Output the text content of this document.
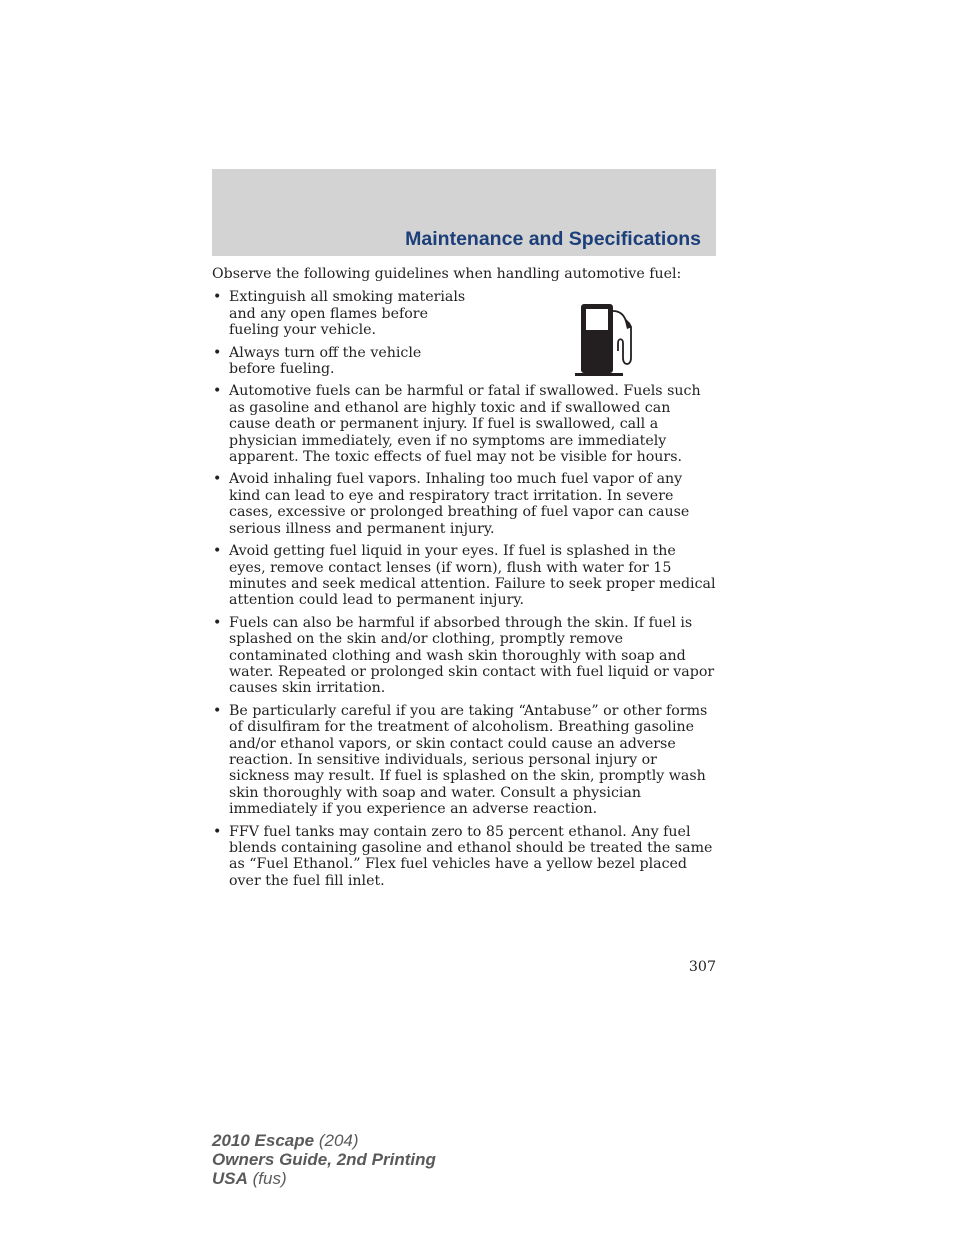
Maintenance and Specifications

Observe the following guidelines when handling automotive fuel:

• Extinguish all smoking materials and any open flames before fueling your vehicle.
• Always turn off the vehicle before fueling.
• Automotive fuels can be harmful or fatal if swallowed. Fuels such as gasoline and ethanol are highly toxic and if swallowed can cause death or permanent injury. If fuel is swallowed, call a physician immediately, even if no symptoms are immediately apparent. The toxic effects of fuel may not be visible for hours.
• Avoid inhaling fuel vapors. Inhaling too much fuel vapor of any kind can lead to eye and respiratory tract irritation. In severe cases, excessive or prolonged breathing of fuel vapor can cause serious illness and permanent injury.
• Avoid getting fuel liquid in your eyes. If fuel is splashed in the eyes, remove contact lenses (if worn), flush with water for 15 minutes and seek medical attention. Failure to seek proper medical attention could lead to permanent injury.
• Fuels can also be harmful if absorbed through the skin. If fuel is splashed on the skin and/or clothing, promptly remove contaminated clothing and wash skin thoroughly with soap and water. Repeated or prolonged skin contact with fuel liquid or vapor causes skin irritation.
• Be particularly careful if you are taking “Antabuse” or other forms of disulfiram for the treatment of alcoholism. Breathing gasoline and/or ethanol vapors, or skin contact could cause an adverse reaction. In sensitive individuals, serious personal injury or sickness may result. If fuel is splashed on the skin, promptly wash skin thoroughly with soap and water. Consult a physician immediately if you experience an adverse reaction.
• FFV fuel tanks may contain zero to 85 percent ethanol. Any fuel blends containing gasoline and ethanol should be treated the same as “Fuel Ethanol.” Flex fuel vehicles have a yellow bezel placed over the fuel fill inlet.
307
2010 Escape (204)
Owners Guide, 2nd Printing
USA (fus)
